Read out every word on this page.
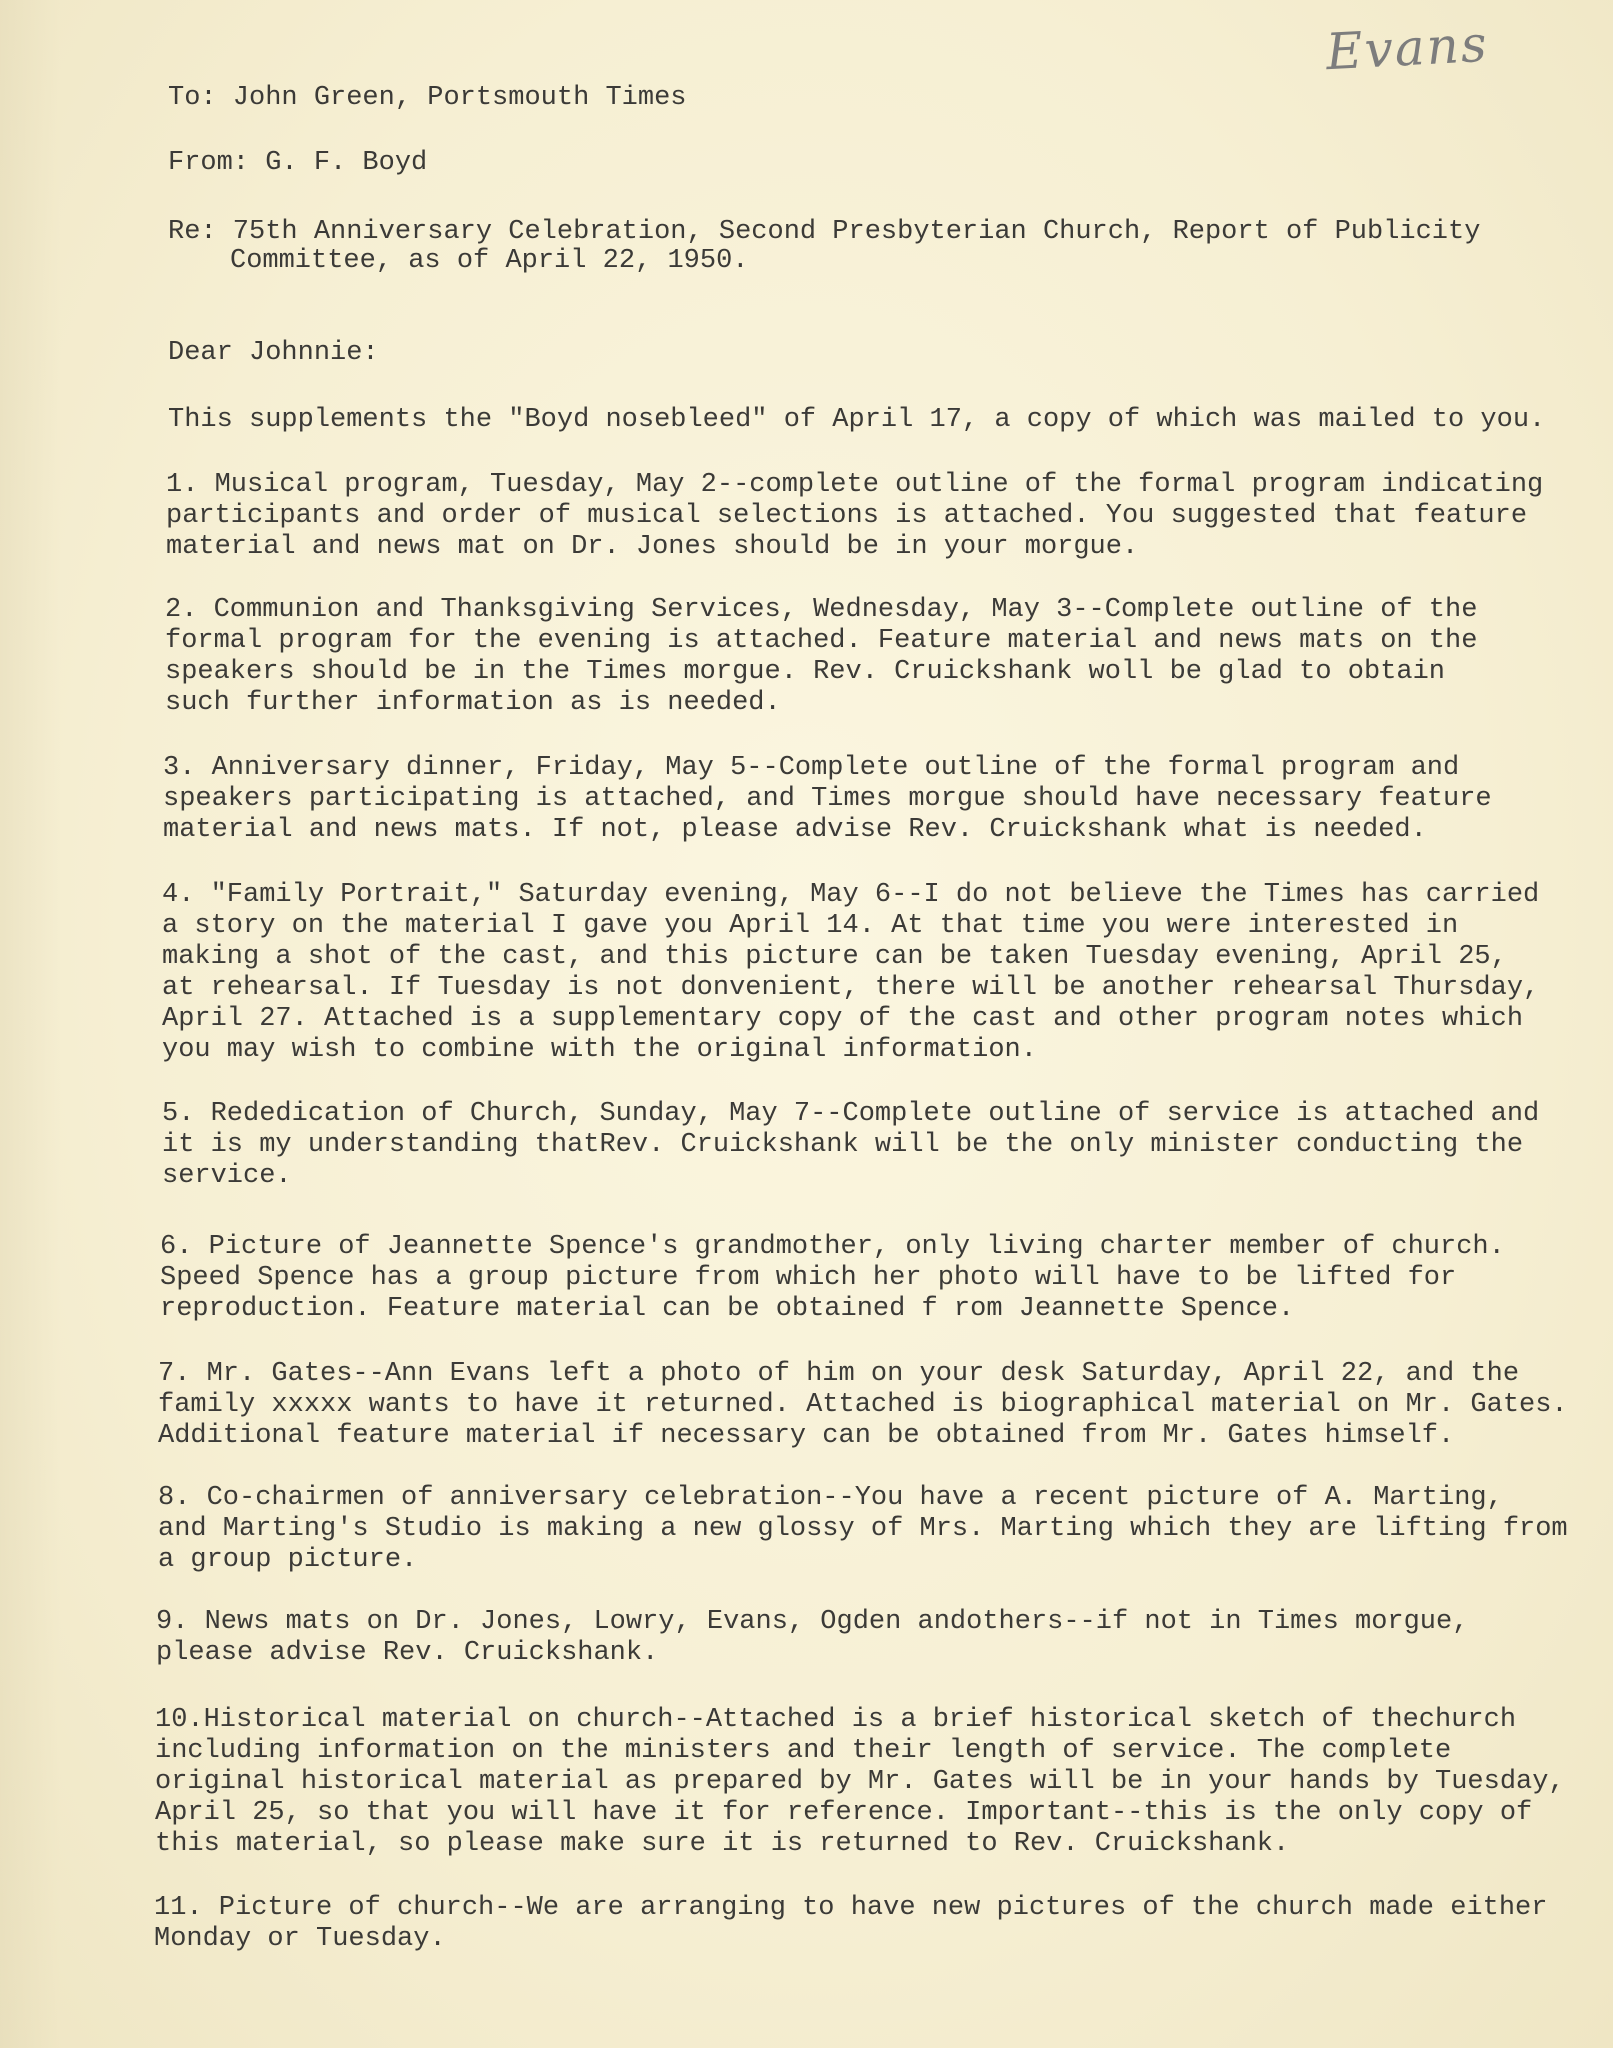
Evans

To: John Green, Portsmouth Times

From: G. F. Boyd

Re: 75th Anniversary Celebration, Second Presbyterian Church, Report of Publicity

Committee, as of April 22, 1950.

Dear Johnnie:

This supplements the "Boyd nosebleed" of April 17, a copy of which was mailed to you.

1. Musical program, Tuesday, May 2--complete outline of the formal program indicating
participants and order of musical selections is attached. You suggested that feature
material and news mat on Dr. Jones should be in your morgue.

2. Communion and Thanksgiving Services, Wednesday, May 3--Complete outline of the
formal program for the evening is attached. Feature material and news mats on the
speakers should be in the Times morgue. Rev. Cruickshank woll be glad to obtain
such further information as is needed.

3. Anniversary dinner, Friday, May 5--Complete outline of the formal program and
speakers participating is attached, and Times morgue should have necessary feature
material and news mats. If not, please advise Rev. Cruickshank what is needed.

4. "Family Portrait," Saturday evening, May 6--I do not believe the Times has carried
a story on the material I gave you April 14. At that time you were interested in
making a shot of the cast, and this picture can be taken Tuesday evening, April 25,
at rehearsal. If Tuesday is not donvenient, there will be another rehearsal Thursday,
April 27. Attached is a supplementary copy of the cast and other program notes which
you may wish to combine with the original information.

5. Rededication of Church, Sunday, May 7--Complete outline of service is attached and
it is my understanding thatRev. Cruickshank will be the only minister conducting the
service.

6. Picture of Jeannette Spence's grandmother, only living charter member of church.
Speed Spence has a group picture from which her photo will have to be lifted for
reproduction. Feature material can be obtained f rom Jeannette Spence.

7. Mr. Gates--Ann Evans left a photo of him on your desk Saturday, April 22, and the
family xxxxx wants to have it returned. Attached is biographical material on Mr. Gates.
Additional feature material if necessary can be obtained from Mr. Gates himself.

8. Co-chairmen of anniversary celebration--You have a recent picture of A. Marting,
and Marting's Studio is making a new glossy of Mrs. Marting which they are lifting from
a group picture.

9. News mats on Dr. Jones, Lowry, Evans, Ogden andothers--if not in Times morgue,
please advise Rev. Cruickshank.

10.Historical material on church--Attached is a brief historical sketch of thechurch
including information on the ministers and their length of service. The complete
original historical material as prepared by Mr. Gates will be in your hands by Tuesday,
April 25, so that you will have it for reference. Important--this is the only copy of
this material, so please make sure it is returned to Rev. Cruickshank.

11. Picture of church--We are arranging to have new pictures of the church made either
Monday or Tuesday.
